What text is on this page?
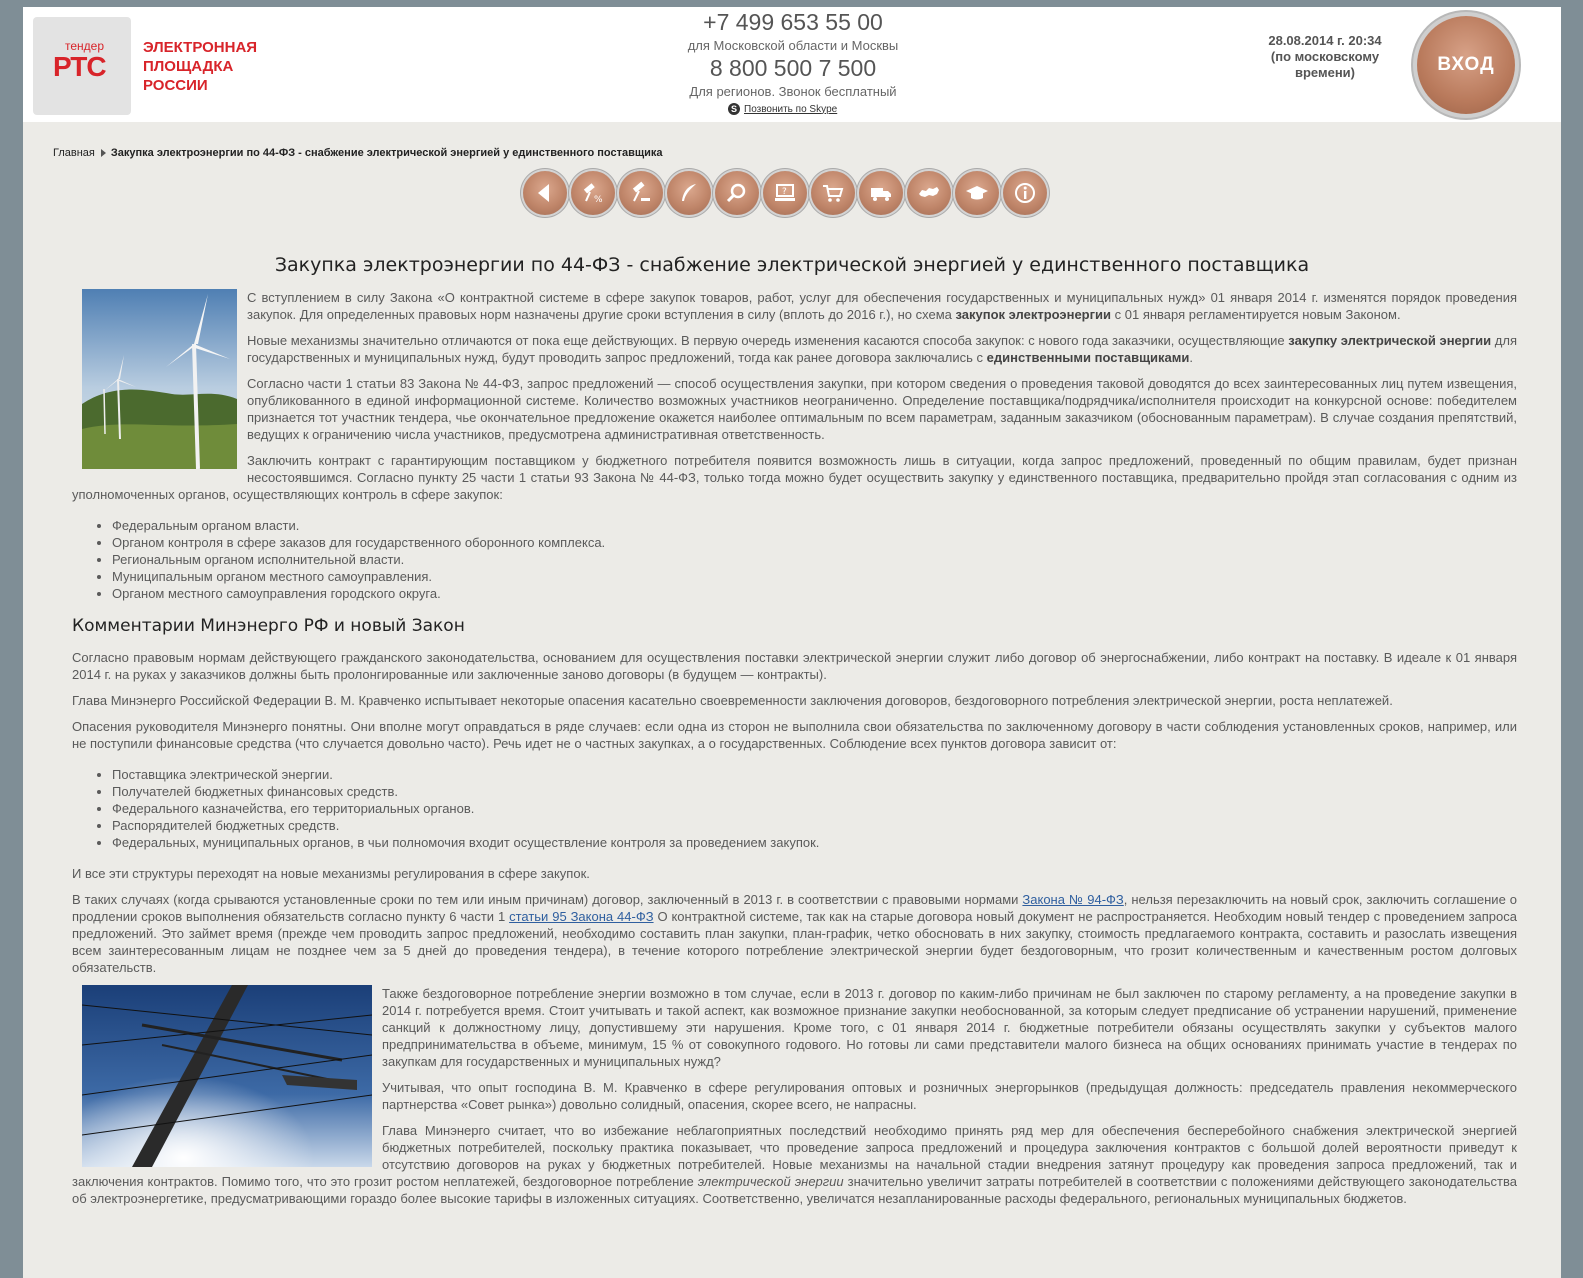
тендер
РТС
ЭЛЕКТРОННАЯ
ПЛОЩАДКА
РОССИИ
+7 499 653 55 00
для Московской области и Москвы
8 800 500 7 500
Для регионов. Звонок бесплатный
S Позвонить по Skype
28.08.2014 г. 20:34
(по московскому
времени)	ВХОД
Главная Закупка электроэнергии по 44-ФЗ - снабжение электрической энергией у единственного поставщика
%
?
Закупка электроэнергии по 44-ФЗ - снабжение электрической энергией у единственного поставщика

С вступлением в силу Закона «О контрактной системе в сфере закупок товаров, работ, услуг для обеспечения государственных и муниципальных нужд» 01 января 2014 г. изменятся порядок проведения закупок. Для определенных правовых норм назначены другие сроки вступления в силу (вплоть до 2016 г.), но схема закупок электроэнергии с 01 января регламентируется новым Законом.

Новые механизмы значительно отличаются от пока еще действующих. В первую очередь изменения касаются способа закупок: с нового года заказчики, осуществляющие закупку электрической энергии для государственных и муниципальных нужд, будут проводить запрос предложений, тогда как ранее договора заключались с единственными поставщиками.

Согласно части 1 статьи 83 Закона № 44-ФЗ, запрос предложений — способ осуществления закупки, при котором сведения о проведения таковой доводятся до всех заинтересованных лиц путем извещения, опубликованного в единой информационной системе. Количество возможных участников неограниченно. Определение поставщика/подрядчика/исполнителя происходит на конкурсной основе: победителем признается тот участник тендера, чье окончательное предложение окажется наиболее оптимальным по всем параметрам, заданным заказчиком (обоснованным параметрам). В случае создания препятствий, ведущих к ограничению числа участников, предусмотрена административная ответственность.

Заключить контракт с гарантирующим поставщиком у бюджетного потребителя появится возможность лишь в ситуации, когда запрос предложений, проведенный по общим правилам, будет признан несостоявшимся. Согласно пункту 25 части 1 статьи 93 Закона № 44-ФЗ, только тогда можно будет осуществить закупку у единственного поставщика, предварительно пройдя этап согласования с одним из уполномоченных органов, осуществляющих контроль в сфере закупок:

• Федеральным органом власти.
• Органом контроля в сфере заказов для государственного оборонного комплекса.
• Региональным органом исполнительной власти.
• Муниципальным органом местного самоуправления.
• Органом местного самоуправления городского округа.
Комментарии Минэнерго РФ и новый Закон

Согласно правовым нормам действующего гражданского законодательства, основанием для осуществления поставки электрической энергии служит либо договор об энергоснабжении, либо контракт на поставку. В идеале к 01 января 2014 г. на руках у заказчиков должны быть пролонгированные или заключенные заново договоры (в будущем — контракты).

Глава Минэнерго Российской Федерации В. М. Кравченко испытывает некоторые опасения касательно своевременности заключения договоров, бездоговорного потребления электрической энергии, роста неплатежей.

Опасения руководителя Минэнерго понятны. Они вполне могут оправдаться в ряде случаев: если одна из сторон не выполнила свои обязательства по заключенному договору в части соблюдения установленных сроков, например, или не поступили финансовые средства (что случается довольно часто). Речь идет не о частных закупках, а о государственных. Соблюдение всех пунктов договора зависит от:

• Поставщика электрической энергии.
• Получателей бюджетных финансовых средств.
• Федерального казначейства, его территориальных органов.
• Распорядителей бюджетных средств.
• Федеральных, муниципальных органов, в чьи полномочия входит осуществление контроля за проведением закупок.

И все эти структуры переходят на новые механизмы регулирования в сфере закупок.

В таких случаях (когда срываются установленные сроки по тем или иным причинам) договор, заключенный в 2013 г. в соответствии с правовыми нормами Закона № 94-ФЗ, нельзя перезаключить на новый срок, заключить соглашение о продлении сроков выполнения обязательств согласно пункту 6 части 1 статьи 95 Закона 44-ФЗ О контрактной системе, так как на старые договора новый документ не распространяется. Необходим новый тендер с проведением запроса предложений. Это займет время (прежде чем проводить запрос предложений, необходимо составить план закупки, план-график, четко обосновать в них закупку, стоимость предлагаемого контракта, составить и разослать извещения всем заинтересованным лицам не позднее чем за 5 дней до проведения тендера), в течение которого потребление электрической энергии будет бездоговорным, что грозит количественным и качественным ростом долговых обязательств.

Также бездоговорное потребление энергии возможно в том случае, если в 2013 г. договор по каким-либо причинам не был заключен по старому регламенту, а на проведение закупки в 2014 г. потребуется время. Стоит учитывать и такой аспект, как возможное признание закупки необоснованной, за которым следует предписание об устранении нарушений, применение санкций к должностному лицу, допустившему эти нарушения. Кроме того, с 01 января 2014 г. бюджетные потребители обязаны осуществлять закупки у субъектов малого предпринимательства в объеме, минимум, 15 % от совокупного годового. Но готовы ли сами представители малого бизнеса на общих основаниях принимать участие в тендерах по закупкам для государственных и муниципальных нужд?

Учитывая, что опыт господина В. М. Кравченко в сфере регулирования оптовых и розничных энергорынков (предыдущая должность: председатель правления некоммерческого партнерства «Совет рынка») довольно солидный, опасения, скорее всего, не напрасны.

Глава Минэнерго считает, что во избежание неблагоприятных последствий необходимо принять ряд мер для обеспечения бесперебойного снабжения электрической энергией бюджетных потребителей, поскольку практика показывает, что проведение запроса предложений и процедура заключения контрактов с большой долей вероятности приведут к отсутствию договоров на руках у бюджетных потребителей. Новые механизмы на начальной стадии внедрения затянут процедуру как проведения запроса предложений, так и заключения контрактов. Помимо того, что это грозит ростом неплатежей, бездоговорное потребление электрической энергии значительно увеличит затраты потребителей в соответствии с положениями действующего законодательства об электроэнергетике, предусматривающими гораздо более высокие тарифы в изложенных ситуациях. Соответственно, увеличатся незапланированные расходы федерального, региональных муниципальных бюджетов.
